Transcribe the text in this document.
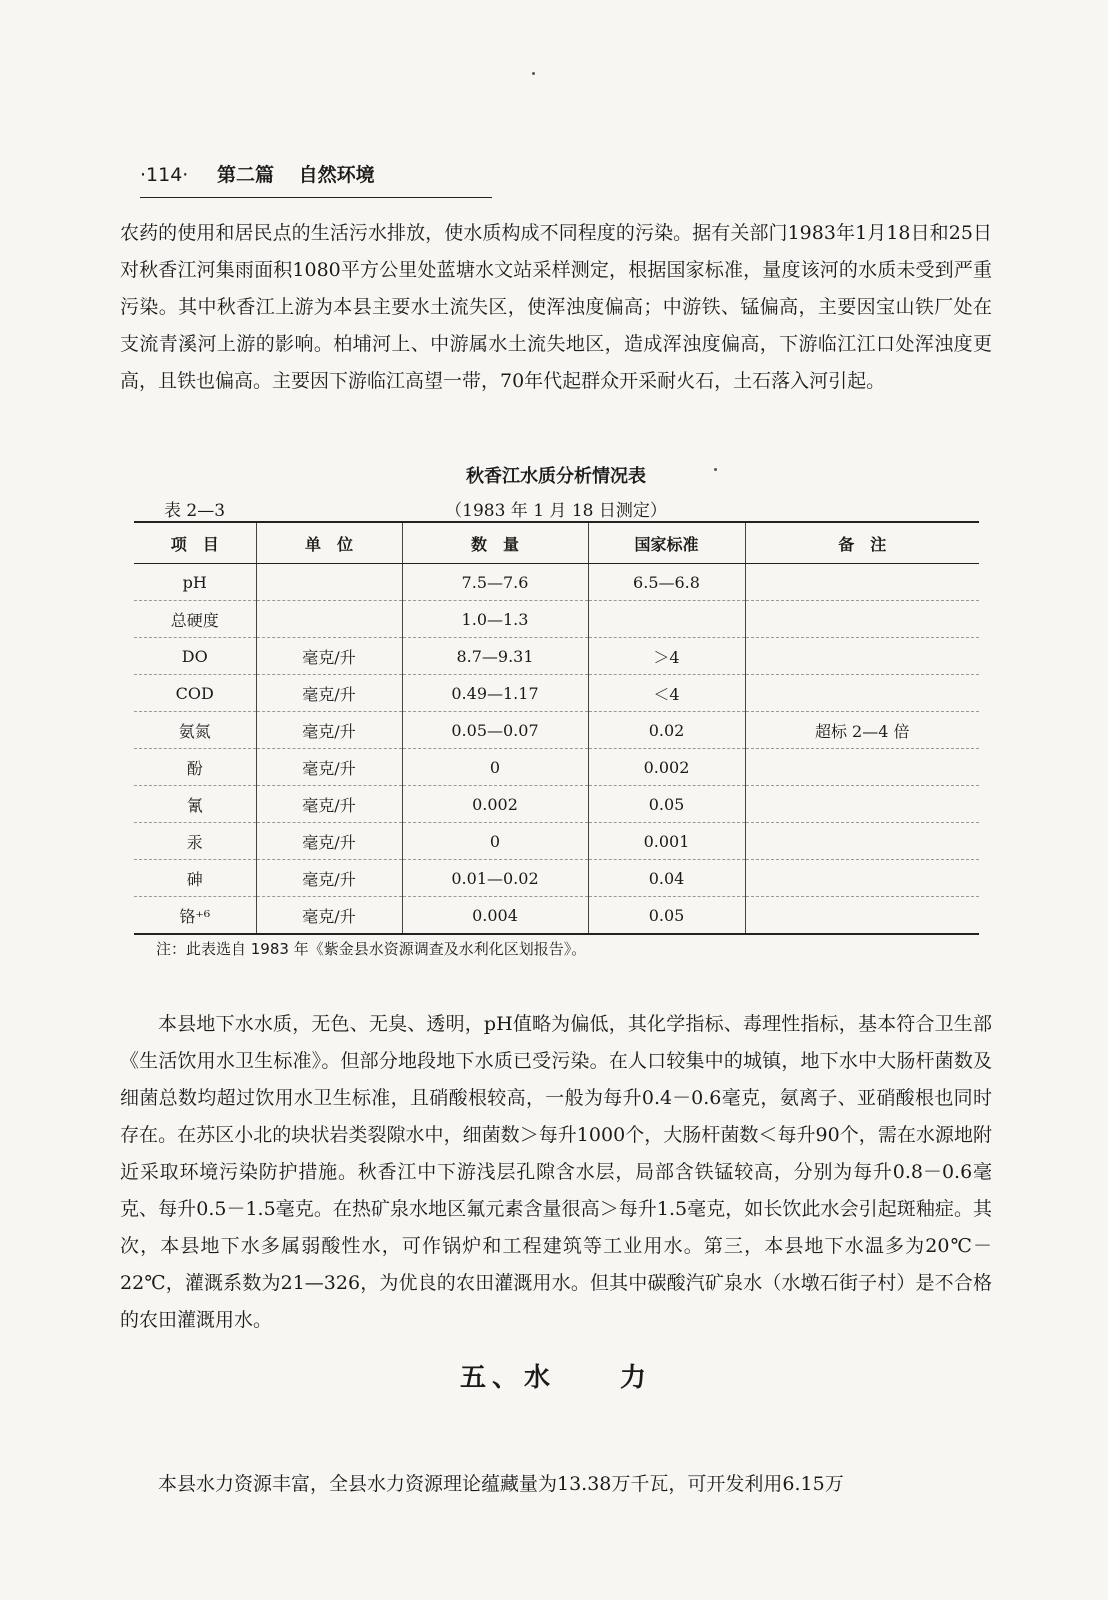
·114· 第二篇 自然环境

农药的使用和居民点的生活污水排放，使水质构成不同程度的污染。据有关部门1983年1月18日和25日对秋香江河集雨面积1080平方公里处蓝塘水文站采样测定，根据国家标准，量度该河的水质未受到严重污染。其中秋香江上游为本县主要水土流失区，使浑浊度偏高；中游铁、锰偏高，主要因宝山铁厂处在支流青溪河上游的影响。柏埔河上、中游属水土流失地区，造成浑浊度偏高，下游临江江口处浑浊度更高，且铁也偏高。主要因下游临江高望一带，70年代起群众开采耐火石，土石落入河引起。

秋香江水质分析情况表
表 2—3	（1983 年 1 月 18 日测定）
项　目	单　位	数　量	国家标准	备　注
pH		7.5—7.6	6.5—6.8	
总硬度		1.0—1.3		
DO	毫克/升	8.7—9.31	＞4	
COD	毫克/升	0.49—1.17	＜4	
氨氮	毫克/升	0.05—0.07	0.02	超标 2—4 倍
酚	毫克/升	0	0.002	
氰	毫克/升	0.002	0.05	
汞	毫克/升	0	0.001	
砷	毫克/升	0.01—0.02	0.04	
铬⁺⁶	毫克/升	0.004	0.05	
注：此表选自 1983 年《紫金县水资源调查及水利化区划报告》。

本县地下水水质，无色、无臭、透明，pH值略为偏低，其化学指标、毒理性指标，基本符合卫生部《生活饮用水卫生标准》。但部分地段地下水质已受污染。在人口较集中的城镇，地下水中大肠杆菌数及细菌总数均超过饮用水卫生标准，且硝酸根较高，一般为每升0.4－0.6毫克，氨离子、亚硝酸根也同时存在。在苏区小北的块状岩类裂隙水中，细菌数＞每升1000个，大肠杆菌数＜每升90个，需在水源地附近采取环境污染防护措施。秋香江中下游浅层孔隙含水层，局部含铁锰较高，分别为每升0.8－0.6毫克、每升0.5－1.5毫克。在热矿泉水地区氟元素含量很高＞每升1.5毫克，如长饮此水会引起斑釉症。其次，本县地下水多属弱酸性水，可作锅炉和工程建筑等工业用水。第三，本县地下水温多为20℃－22℃，灌溉系数为21—326，为优良的农田灌溉用水。但其中碳酸汽矿泉水（水墩石街子村）是不合格的农田灌溉用水。

五、水　　力

本县水力资源丰富，全县水力资源理论蕴藏量为13.38万千瓦，可开发利用6.15万
